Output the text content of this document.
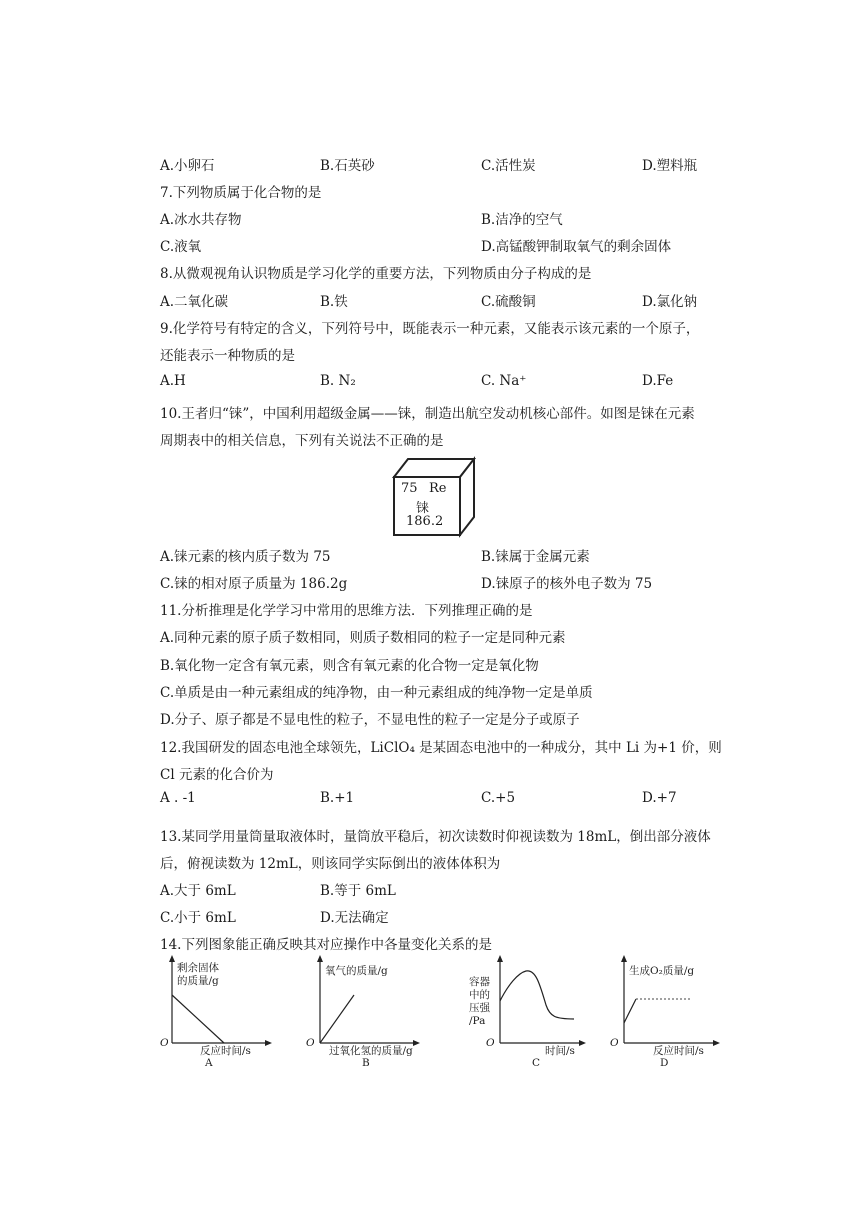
A.小卵石	B.石英砂	C.活性炭	D.塑料瓶
7.下列物质属于化合物的是
A.冰水共存物	B.洁净的空气
C.液氧	D.高锰酸钾制取氧气的剩余固体
8.从微观视角认识物质是学习化学的重要方法，下列物质由分子构成的是
A.二氧化碳	B.铁	C.硫酸铜	D.氯化钠
9.化学符号有特定的含义，下列符号中，既能表示一种元素，又能表示该元素的一个原子，
还能表示一种物质的是
A.H	B. N₂	C. Na⁺	D.Fe
10.王者归“铼”，中国利用超级金属——铼，制造出航空发动机核心部件。如图是铼在元素
周期表中的相关信息，下列有关说法不正确的是
75 Re
铼
186.2
A.铼元素的核内质子数为 75	B.铼属于金属元素
C.铼的相对原子质量为 186.2g	D.铼原子的核外电子数为 75
11.分析推理是化学学习中常用的思维方法．下列推理正确的是
A.同种元素的原子质子数相同，则质子数相同的粒子一定是同种元素
B.氧化物一定含有氧元素，则含有氧元素的化合物一定是氧化物
C.单质是由一种元素组成的纯净物，由一种元素组成的纯净物一定是单质
D.分子、原子都是不显电性的粒子，不显电性的粒子一定是分子或原子
12.我国研发的固态电池全球领先，LiClO₄ 是某固态电池中的一种成分，其中 Li 为+1 价，则
Cl 元素的化合价为
A . -1	B.+1	C.+5	D.+7
13.某同学用量筒量取液体时，量筒放平稳后，初次读数时仰视读数为 18mL，倒出部分液体
后，俯视读数为 12mL，则该同学实际倒出的液体体积为
A.大于 6mL	B.等于 6mL
C.小于 6mL	D.无法确定
14.下列图象能正确反映其对应操作中各量变化关系的是
剩余固体
的质量/g
O
反应时间/s
A
氧气的质量/g
O
过氧化氢的质量/g
B
容器
中的
压强
/Pa
O
时间/s
C
生成O₂质量/g
O
反应时间/s
D
